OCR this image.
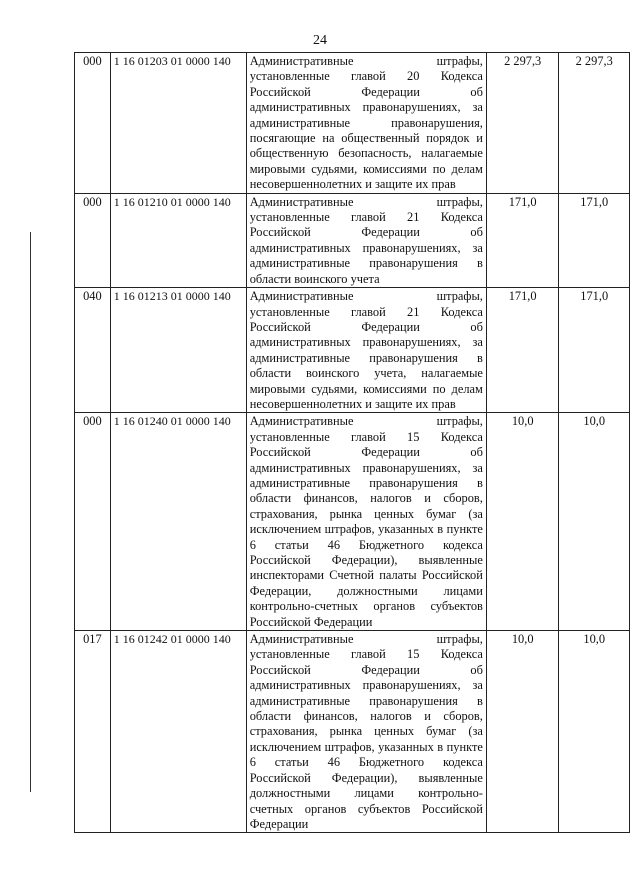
24
000	1 16 01203 01 0000 140	Административные штрафы, установленные главой 20 Кодекса Российской Федерации об административных правонарушениях, за административные правонарушения, посягающие на общественный порядок и общественную безопасность, налагаемые мировыми судьями, комиссиями по делам несовершеннолетних и защите их прав	2 297,3	2 297,3
000	1 16 01210 01 0000 140	Административные штрафы, установленные главой 21 Кодекса Российской Федерации об административных правонарушениях, за административные правонарушения в области воинского учета	171,0	171,0
040	1 16 01213 01 0000 140	Административные штрафы, установленные главой 21 Кодекса Российской Федерации об административных правонарушениях, за административные правонарушения в области воинского учета, налагаемые мировыми судьями, комиссиями по делам несовершеннолетних и защите их прав	171,0	171,0
000	1 16 01240 01 0000 140	Административные штрафы, установленные главой 15 Кодекса Российской Федерации об административных правонарушениях, за административные правонарушения в области финансов, налогов и сборов, страхования, рынка ценных бумаг (за исключением штрафов, указанных в пункте 6 статьи 46 Бюджетного кодекса Российской Федерации), выявленные инспекторами Счетной палаты Российской Федерации, должностными лицами контрольно-счетных органов субъектов Российской Федерации	10,0	10,0
017	1 16 01242 01 0000 140	Административные штрафы, установленные главой 15 Кодекса Российской Федерации об административных правонарушениях, за административные правонарушения в области финансов, налогов и сборов, страхования, рынка ценных бумаг (за исключением штрафов, указанных в пункте 6 статьи 46 Бюджетного кодекса Российской Федерации), выявленные должностными лицами контрольно-счетных органов субъектов Российской Федерации	10,0	10,0
